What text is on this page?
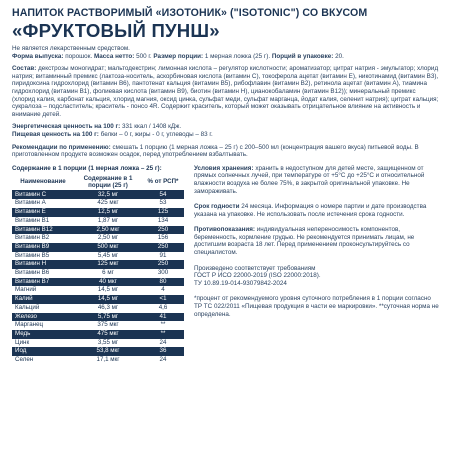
НАПИТОК РАСТВОРИМЫЙ «ИЗОТОНИК» ("ISOTONIC") СО ВКУСОМ
«ФРУКТОВЫЙ ПУНШ»
Не является лекарственным средством.
Форма выпуска: порошок. Масса нетто: 500 г. Размер порции: 1 мерная ложка (25 г). Порций в упаковке: 20.
Состав: декстрозы моногидрат; мальтодекстрин; лимонная кислота – регулятор кислотности; ароматизатор; цитрат натрия - эмульгатор; хлорид натрия; витаминный премикс (лактоза-носитель, аскорбиновая кислота (витамин С), токоферола ацетат (витамин Е), никотинамид (витамин В3), пиридоксина гидрохлорид (витамин В6), пантотенат кальция (витамин В5), рибофлавин (витамин В2), ретинола ацетат (витамин А), тиамина гидрохлорид (витамин В1), фолиевая кислота (витамин В9), биотин (витамин Н), цианокобаламин (витамин В12)); минеральный премикс (хлорид калия, карбонат кальция, хлорид магния, оксид цинка, сульфат меди, сульфат марганца, йодат калия, селенит натрия); цитрат кальция; сукралоза – подсластитель; краситель - понсо 4R. Содержит краситель, который может оказывать отрицательное влияние на активность и внимание детей.
Энергетическая ценность на 100 г: 331 ккал / 1408 кДж.
Пищевая ценность на 100 г: белки – 0 г, жиры - 0 г, углеводы – 83 г.
Рекомендации по применению: смешать 1 порцию (1 мерная ложка – 25 г) с 200–500 мл (концентрация вашего вкуса) питьевой воды. В приготовленном продукте возможен осадок, перед употреблением взбалтывать.
Содержание в 1 порции (1 мерная ложка – 25 г):
Наименование	Содержание в 1 порции (25 г)	% от РСП*
Витамин С	32,5 мг	54
Витамин А	425 мкг	53
Витамин Е	12,5 мг	125
Витамин В1	1,87 мг	134
Витамин В12	2,50 мкг	250
Витамин В2	2,50 мг	156
Витамин В9	500 мкг	250
Витамин В5	5,45 мг	91
Витамин Н	125 мкг	250
Витамин В6	6 мг	300
Витамин В7	40 мкг	80
Магний	14,5 мг	4
Калий	14,5 мг	<1
Кальций	46,3 мг	4,6
Железо	5,75 мг	41
Марганец	375 мкг	**
Медь	475 мкг	**
Цинк	3,55 мг	24
Йод	53,8 мкг	36
Селен	17,1 мкг	24
Условия хранения: хранить в недоступном для детей месте, защищенном от прямых солнечных лучей, при температуре от +5°С до +25°С и относительной влажности воздуха не более 75%, в закрытой оригинальной упаковке. Не замораживать.
Срок годности 24 месяца. Информация о номере партии и дате производства указана на упаковке. Не использовать после истечения срока годности.
Противопоказания: индивидуальная непереносимость компонентов, беременность, кормление грудью. Не рекомендуется принимать лицам, не достигшим возраста 18 лет. Перед применением проконсультируйтесь со специалистом.
Произведено соответствует требованиям
ГОСТ Р ИСО 22000-2019 (ISO 22000:2018).
ТУ 10.89.19-014-93079842-2024
*процент от рекомендуемого уровня суточного потребления в 1 порции согласно ТР ТС 022/2011 «Пищевая продукция в части ее маркировки». **суточная норма не определена.
